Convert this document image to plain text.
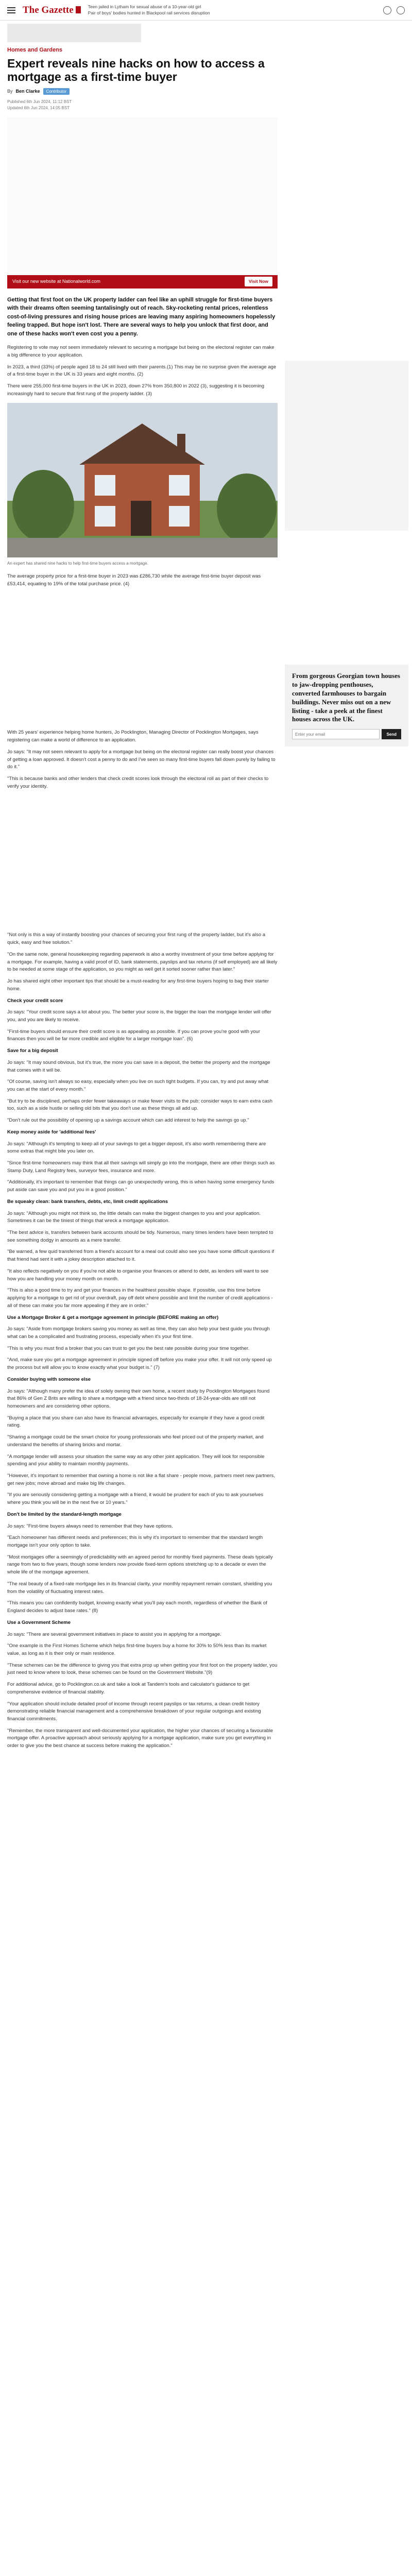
The Gazette	Teen jailed in Lytham for sexual abuse of a 10-year-old girl
Pair of boys' bodies hunted in Blackpool rail services disruption
Homes and Gardens
Expert reveals nine hacks on how to access a mortgage as a first-time buyer
By Ben Clarke	Contributor
Published 6th Jun 2024, 11:12 BST
Updated 6th Jun 2024, 14:05 BST
Visit our new website at Nationalworld.com	Visit Now

Getting that first foot on the UK property ladder can feel like an uphill struggle for first-time buyers with their dreams often seeming tantalisingly out of reach. Sky-rocketing rental prices, relentless cost-of-living pressures and rising house prices are leaving many aspiring homeowners hopelessly feeling trapped. But hope isn't lost. There are several ways to help you unlock that first door, and one of these hacks won't even cost you a penny.

Registering to vote may not seem immediately relevant to securing a mortgage but being on the electoral register can make a big difference to your application.

In 2023, a third (33%) of people aged 18 to 24 still lived with their parents.(1) This may be no surprise given the average age of a first-time buyer in the UK is 33 years and eight months. (2)

There were 255,000 first-time buyers in the UK in 2023, down 27% from 350,800 in 2022 (3), suggesting it is becoming increasingly hard to secure that first rung of the property ladder. (3)

An expert has shared nine hacks to help first-time buyers access a mortgage.

The average property price for a first-time buyer in 2023 was £286,730 while the average first-time buyer deposit was £53,414, equating to 19% of the total purchase price. (4)

With 25 years' experience helping home hunters, Jo Pocklington, Managing Director of Pocklington Mortgages, says registering can make a world of difference to an application.

Jo says: "It may not seem relevant to apply for a mortgage but being on the electoral register can really boost your chances of getting a loan approved. It doesn't cost a penny to do and I've seen so many first-time buyers fall down purely by failing to do it."

"This is because banks and other lenders that check credit scores look through the electoral roll as part of their checks to verify your identity.

"Not only is this a way of instantly boosting your chances of securing your first rung of the property ladder, but it's also a quick, easy and free solution."

"On the same note, general housekeeping regarding paperwork is also a worthy investment of your time before applying for a mortgage. For example, having a valid proof of ID, bank statements, payslips and tax returns (if self employed) are all likely to be needed at some stage of the application, so you might as well get it sorted sooner rather than later."

Jo has shared eight other important tips that should be a must-reading for any first-time buyers hoping to bag their starter home.

Check your credit score

Jo says: "Your credit score says a lot about you. The better your score is, the bigger the loan the mortgage lender will offer you, and you are likely to receive.

"First-time buyers should ensure their credit score is as appealing as possible. If you can prove you're good with your finances then you will be far more credible and eligible for a larger mortgage loan". (6)

Save for a big deposit

Jo says: "It may sound obvious, but it's true, the more you can save in a deposit, the better the property and the mortgage that comes with it will be.

"Of course, saving isn't always so easy, especially when you live on such tight budgets. If you can, try and put away what you can at the start of every month."

"But try to be disciplined, perhaps order fewer takeaways or make fewer visits to the pub; consider ways to earn extra cash too, such as a side hustle or selling old bits that you don't use as these things all add up.

"Don't rule out the possibility of opening up a savings account which can add interest to help the savings go up."

Keep money aside for 'additional fees'

Jo says: "Although it's tempting to keep all of your savings to get a bigger deposit, it's also worth remembering there are some extras that might bite you later on.

"Since first-time homeowners may think that all their savings will simply go into the mortgage, there are other things such as Stamp Duty, Land Registry fees, surveyor fees, insurance and more.

"Additionally, it's important to remember that things can go unexpectedly wrong, this is when having some emergency funds put aside can save you and put you in a good position."

Be squeaky clean: bank transfers, debts, etc, limit credit applications

Jo says: "Although you might not think so, the little details can make the biggest changes to you and your application. Sometimes it can be the tiniest of things that wreck a mortgage application.

"The best advice is, transfers between bank accounts should be tidy. Numerous, many times lenders have been tempted to see something dodgy in amounts as a mere transfer.

"Be warned, a few quid transferred from a friend's account for a meal out could also see you have some difficult questions if that friend had sent it with a jokey description attached to it.

"It also reflects negatively on you if you're not able to organise your finances or attend to debt, as lenders will want to see how you are handling your money month on month.

"This is also a good time to try and get your finances in the healthiest possible shape. If possible, use this time before applying for a mortgage to get rid of your overdraft, pay off debt where possible and limit the number of credit applications - all of these can make you far more appealing if they are in order."

Use a Mortgage Broker & get a mortgage agreement in principle (BEFORE making an offer)

Jo says: "Aside from mortgage brokers saving you money as well as time, they can also help your best guide you through what can be a complicated and frustrating process, especially when it's your first time.

"This is why you must find a broker that you can trust to get you the best rate possible during your time together.

"And, make sure you get a mortgage agreement in principle signed off before you make your offer. It will not only speed up the process but will allow you to know exactly what your budget is." (7)

Consider buying with someone else

Jo says: "Although many prefer the idea of solely owning their own home, a recent study by Pocklington Mortgages found that 86% of Gen Z Brits are willing to share a mortgage with a friend since two-thirds of 18-24-year-olds are still not homeowners and are considering other options.

"Buying a place that you share can also have its financial advantages, especially for example if they have a good credit rating.

"Sharing a mortgage could be the smart choice for young professionals who feel priced out of the property market, and understand the benefits of sharing bricks and mortar.

"A mortgage lender will assess your situation the same way as any other joint application. They will look for responsible spending and your ability to maintain monthly payments.

"However, it's important to remember that owning a home is not like a flat share - people move, partners meet new partners, get new jobs; move abroad and make big life changes.

"If you are seriously considering getting a mortgage with a friend, it would be prudent for each of you to ask yourselves where you think you will be in the next five or 10 years."

Don't be limited by the standard-length mortgage

Jo says: "First-time buyers always need to remember that they have options.

"Each homeowner has different needs and preferences; this is why it's important to remember that the standard length mortgage isn't your only option to take.

"Most mortgages offer a seemingly of predictability with an agreed period for monthly fixed payments. These deals typically range from two to five years, though some lenders now provide fixed-term options stretching up to a decade or even the whole life of the mortgage agreement.

"The real beauty of a fixed-rate mortgage lies in its financial clarity, your monthly repayment remain constant, shielding you from the volatility of fluctuating interest rates.

"This means you can confidently budget, knowing exactly what you'll pay each month, regardless of whether the Bank of England decides to adjust base rates." (8)

Use a Government Scheme

Jo says: "There are several government initiatives in place to assist you in applying for a mortgage.

"One example is the First Homes Scheme which helps first-time buyers buy a home for 30% to 50% less than its market value, as long as it is their only or main residence.

"These schemes can be the difference to giving you that extra prop up when getting your first foot on the property ladder, you just need to know where to look, these schemes can be found on the Government Website."(9)

For additional advice, go to Pocklington.co.uk and take a look at Tandem's tools and calculator's guidance to get comprehensive evidence of financial stability.

"Your application should include detailed proof of income through recent payslips or tax returns, a clean credit history demonstrating reliable financial management and a comprehensive breakdown of your regular outgoings and existing financial commitments.

"Remember, the more transparent and well-documented your application, the higher your chances of securing a favourable mortgage offer. A proactive approach about seriously applying for a mortgage application, make sure you get everything in order to give you the best chance at success before making the application."

From gorgeous Georgian town houses to jaw-dropping penthouses, converted farmhouses to bargain buildings. Never miss out on a new listing - take a peek at the finest houses across the UK.
Enter your email
Send
